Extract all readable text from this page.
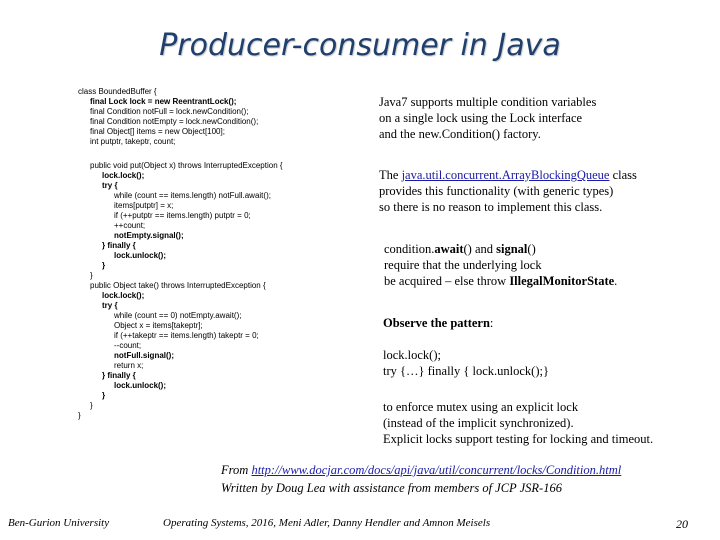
Producer-consumer in Java
class BoundedBuffer {
final Lock lock = new ReentrantLock();
final Condition notFull = lock.newCondition();
final Condition notEmpty = lock.newCondition();
final Object[] items = new Object[100];
int putptr, takeptr, count;
public void put(Object x) throws InterruptedException {
lock.lock();
try {
while (count == items.length) notFull.await();
items[putptr] = x;
if (++putptr == items.length) putptr = 0;
++count;
notEmpty.signal();
} finally {
lock.unlock();
}
}
public Object take() throws InterruptedException {
lock.lock();
try {
while (count == 0) notEmpty.await();
Object x = items[takeptr];
if (++takeptr == items.length) takeptr = 0;
--count;
notFull.signal();
return x;
} finally {
lock.unlock();
}
}
}
Java7 supports multiple condition variables
on a single lock using the Lock interface
and the new.Condition() factory.
The java.util.concurrent.ArrayBlockingQueue class
provides this functionality (with generic types)
so there is no reason to implement this class.
condition.await() and signal()
require that the underlying lock
be acquired – else throw IllegalMonitorState.
Observe the pattern:
lock.lock();
try {…} finally { lock.unlock();}
to enforce mutex using an explicit lock
(instead of the implicit synchronized).
Explicit locks support testing for locking and timeout.
From http://www.docjar.com/docs/api/java/util/concurrent/locks/Condition.html
Written by Doug Lea with assistance from members of JCP JSR-166
Ben-Gurion University	Operating Systems, 2016, Meni Adler, Danny Hendler and Amnon Meisels	20
